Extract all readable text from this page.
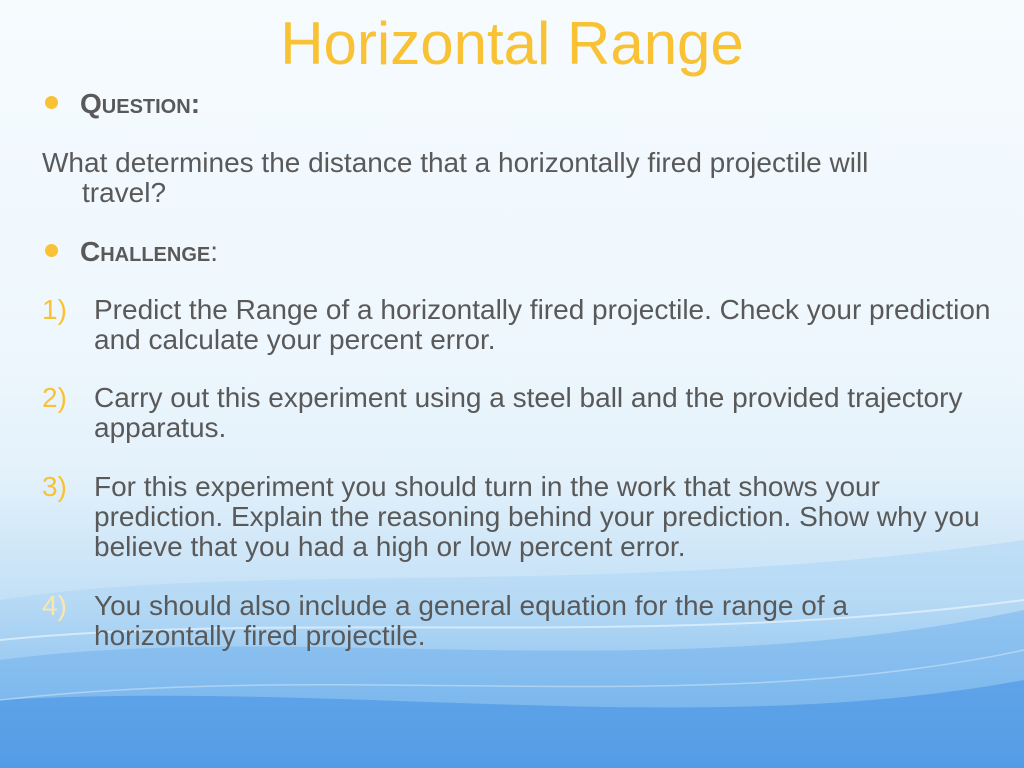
Horizontal Range
Question:
What determines the distance that a horizontally fired projectile will
travel?
Challenge:
1) Predict the Range of a horizontally fired projectile. Check your prediction and calculate your percent error.
2) Carry out this experiment using a steel ball and the provided trajectory apparatus.
3) For this experiment you should turn in the work that shows your prediction. Explain the reasoning behind your prediction. Show why you believe that you had a high or low percent error.
4) You should also include a general equation for the range of a horizontally fired projectile.
